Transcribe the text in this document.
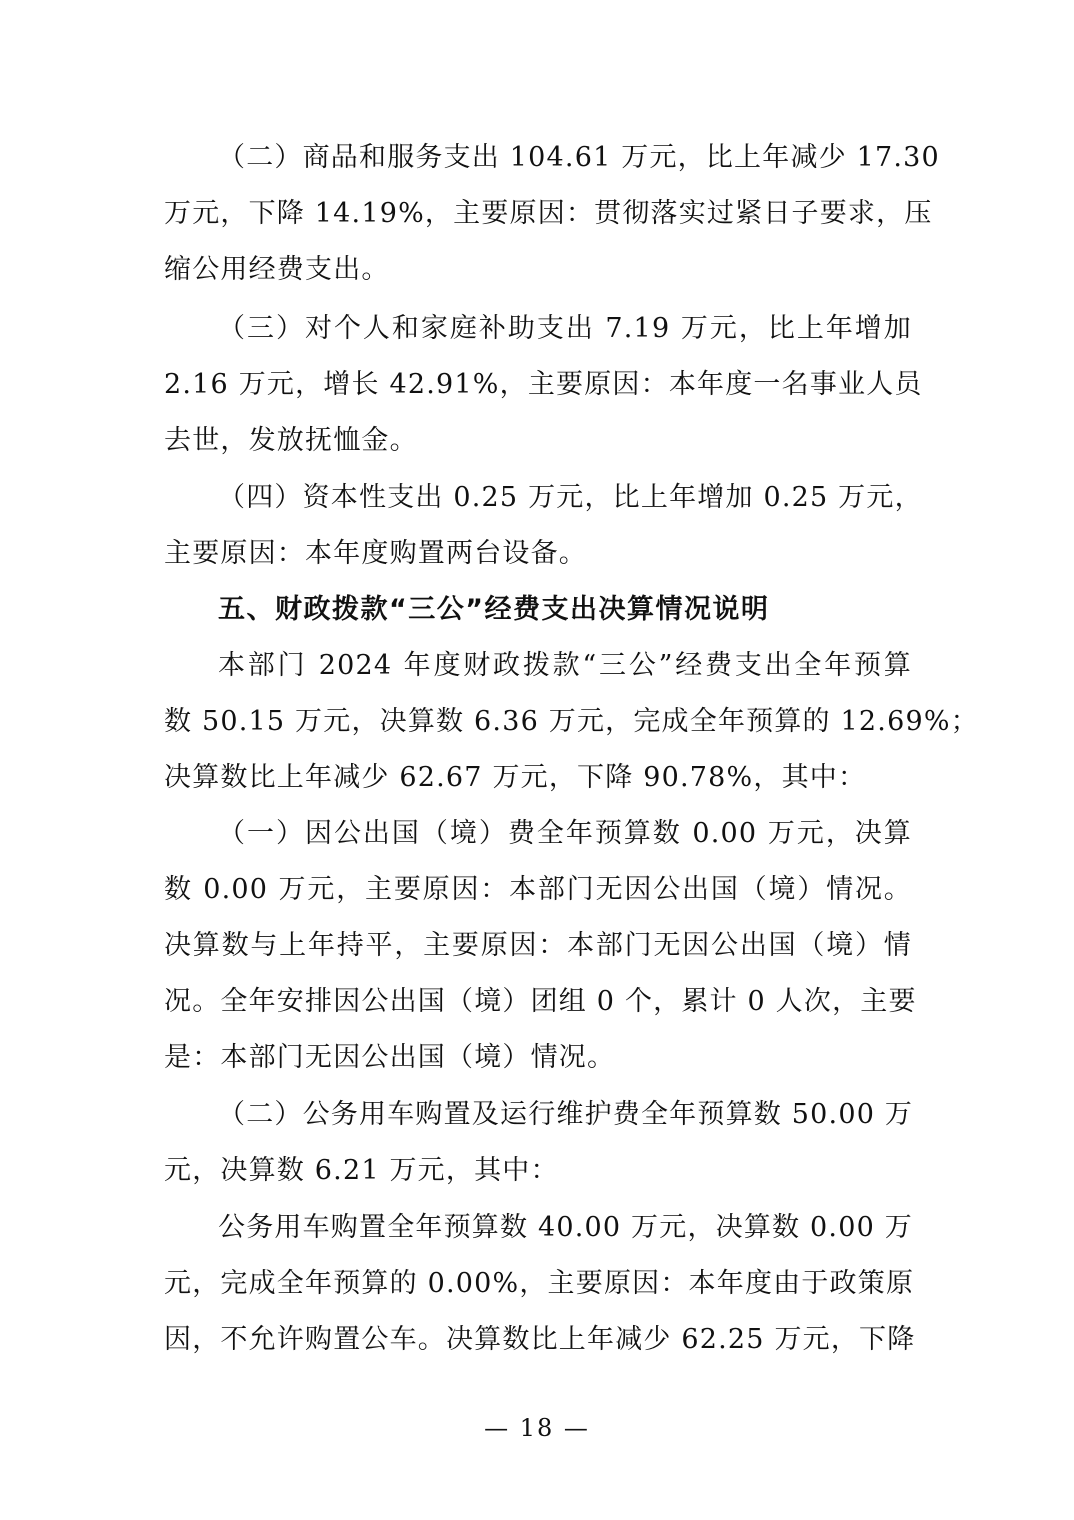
（二）商品和服务支出 104.61 万元，比上年减少 17.30
万元，下降 14.19%，主要原因：贯彻落实过紧日子要求，压
缩公用经费支出。
（三）对个人和家庭补助支出 7.19 万元，比上年增加
2.16 万元，增长 42.91%，主要原因：本年度一名事业人员
去世，发放抚恤金。
（四）资本性支出 0.25 万元，比上年增加 0.25 万元，
主要原因：本年度购置两台设备。
五、财政拨款“三公”经费支出决算情况说明
本部门 2024 年度财政拨款“三公”经费支出全年预算
数 50.15 万元，决算数 6.36 万元，完成全年预算的 12.69%；
决算数比上年减少 62.67 万元，下降 90.78%，其中：
（一）因公出国（境）费全年预算数 0.00 万元，决算
数 0.00 万元，主要原因：本部门无因公出国（境）情况。
决算数与上年持平，主要原因：本部门无因公出国（境）情
况。全年安排因公出国（境）团组 0 个，累计 0 人次，主要
是：本部门无因公出国（境）情况。
（二）公务用车购置及运行维护费全年预算数 50.00 万
元，决算数 6.21 万元，其中：
公务用车购置全年预算数 40.00 万元，决算数 0.00 万
元，完成全年预算的 0.00%，主要原因：本年度由于政策原
因，不允许购置公车。决算数比上年减少 62.25 万元，下降
— 18 —
